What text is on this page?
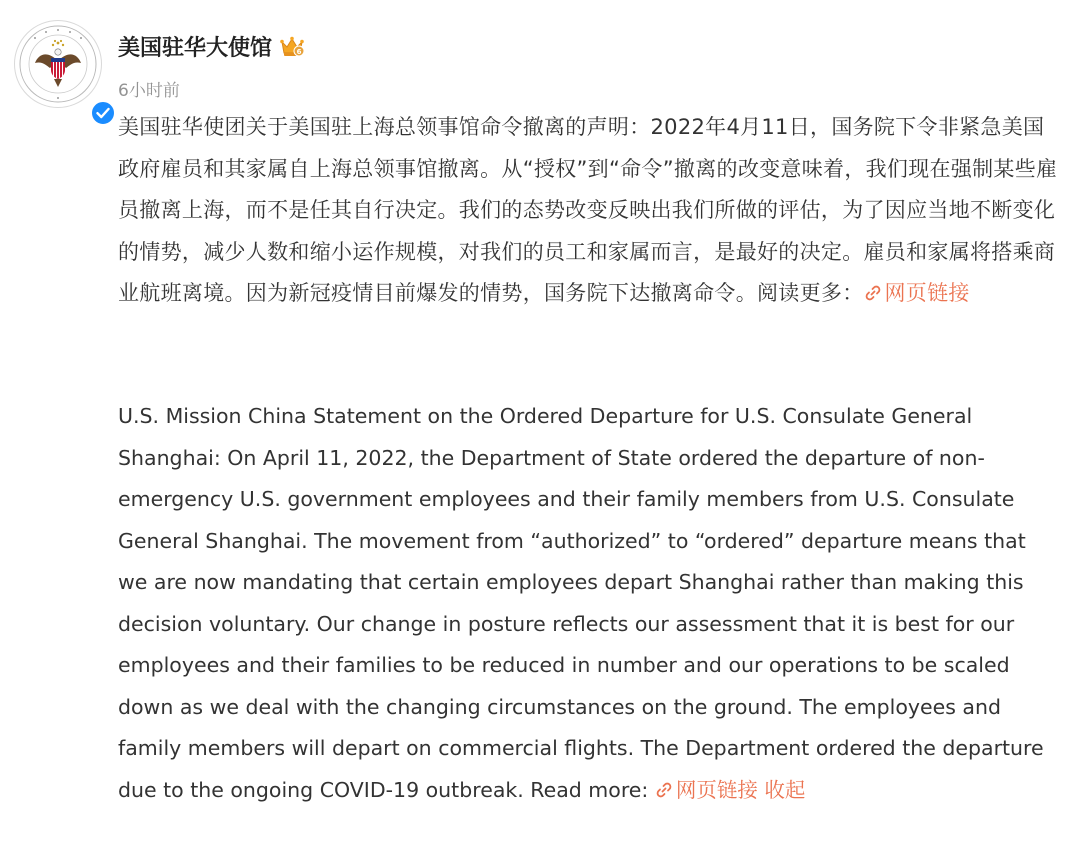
美国驻华大使馆	6
6小时前

美国驻华使团关于美国驻上海总领事馆命令撤离的声明：2022年4月11日，国务院下令非紧急美国政府雇员和其家属自上海总领事馆撤离。从“授权”到“命令”撤离的改变意味着，我们现在强制某些雇员撤离上海，而不是任其自行决定。我们的态势改变反映出我们所做的评估，为了因应当地不断变化的情势，减少人数和缩小运作规模，对我们的员工和家属而言，是最好的决定。雇员和家属将搭乘商业航班离境。因为新冠疫情目前爆发的情势，国务院下达撤离命令。阅读更多： 网页链接

U.S. Mission China Statement on the Ordered Departure for U.S. Consulate General Shanghai: On April 11, 2022, the Department of State ordered the departure of non-emergency U.S. government employees and their family members from U.S. Consulate General Shanghai. The movement from “authorized” to “ordered” departure means that we are now mandating that certain employees depart Shanghai rather than making this decision voluntary. Our change in posture reflects our assessment that it is best for our employees and their families to be reduced in number and our operations to be scaled down as we deal with the changing circumstances on the ground. The employees and family members will depart on commercial flights. The Department ordered the departure due to the ongoing COVID-19 outbreak. Read more: 网页链接 收起
